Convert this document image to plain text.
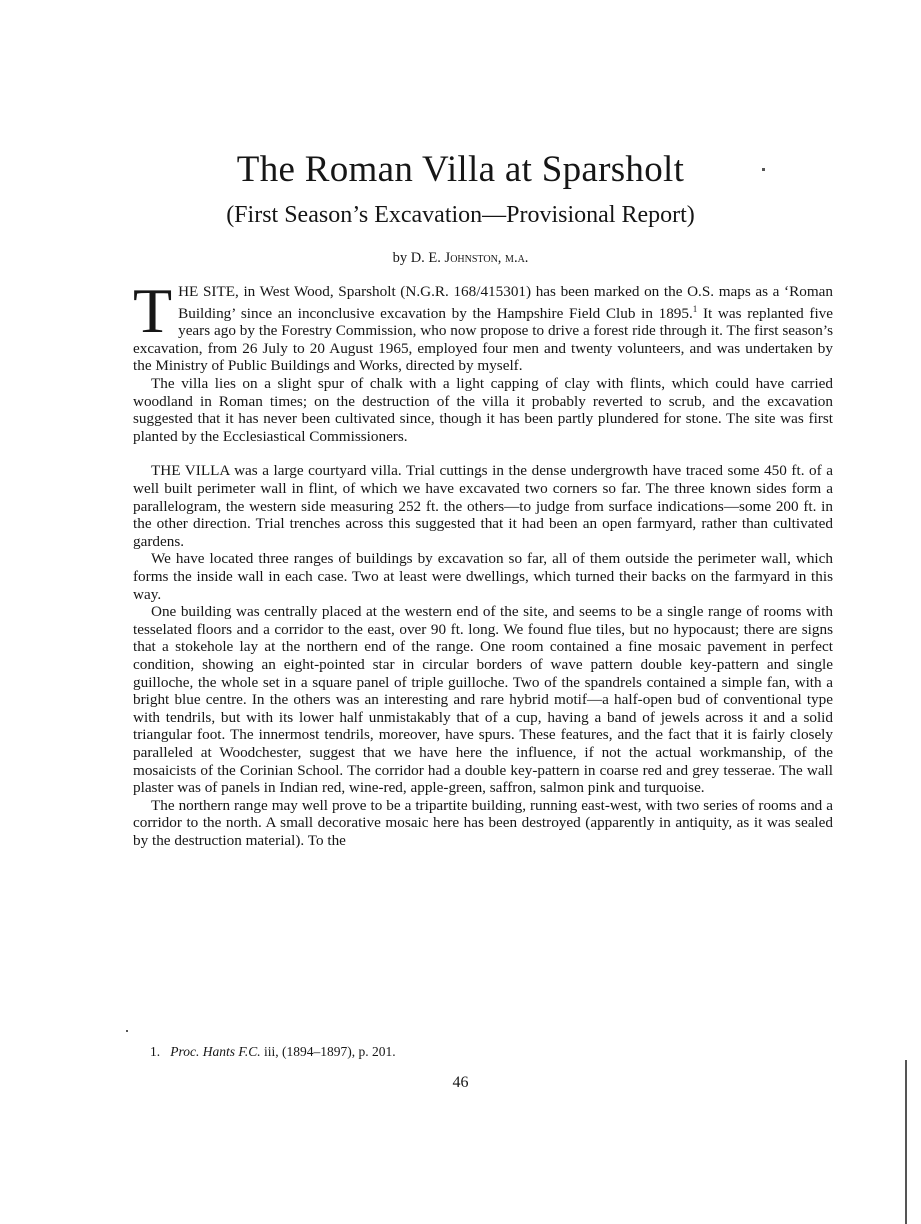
The Roman Villa at Sparsholt
(First Season’s Excavation—Provisional Report)
by D. E. Johnston, m.a.

THE SITE, in West Wood, Sparsholt (N.G.R. 168/415301) has been marked on the O.S. maps as a ‘Roman Building’ since an inconclusive excavation by the Hampshire Field Club in 1895.$^1$ It was replanted five years ago by the Forestry Commission, who now propose to drive a forest ride through it. The first season’s excavation, from 26 July to 20 August 1965, employed four men and twenty volunteers, and was undertaken by the Ministry of Public Buildings and Works, directed by myself.

The villa lies on a slight spur of chalk with a light capping of clay with flints, which could have carried woodland in Roman times; on the destruction of the villa it probably reverted to scrub, and the excavation suggested that it has never been cultivated since, though it has been partly plundered for stone. The site was first planted by the Ecclesiastical Commissioners.

THE VILLA was a large courtyard villa. Trial cuttings in the dense undergrowth have traced some 450 ft. of a well built perimeter wall in flint, of which we have excavated two corners so far. The three known sides form a parallelogram, the western side measuring 252 ft. the others—to judge from surface indications—some 200 ft. in the other direction. Trial trenches across this suggested that it had been an open farmyard, rather than cultivated gardens.

We have located three ranges of buildings by excavation so far, all of them outside the perimeter wall, which forms the inside wall in each case. Two at least were dwellings, which turned their backs on the farmyard in this way.

One building was centrally placed at the western end of the site, and seems to be a single range of rooms with tesselated floors and a corridor to the east, over 90 ft. long. We found flue tiles, but no hypocaust; there are signs that a stokehole lay at the northern end of the range. One room contained a fine mosaic pavement in perfect condition, showing an eight-pointed star in circular borders of wave pattern double key-pattern and single guilloche, the whole set in a square panel of triple guilloche. Two of the spandrels contained a simple fan, with a bright blue centre. In the others was an interesting and rare hybrid motif—a half-open bud of conventional type with tendrils, but with its lower half unmistakably that of a cup, having a band of jewels across it and a solid triangular foot. The innermost tendrils, moreover, have spurs. These features, and the fact that it is fairly closely paralleled at Woodchester, suggest that we have here the influence, if not the actual workmanship, of the mosaicists of the Corinian School. The corridor had a double key-pattern in coarse red and grey tesserae. The wall plaster was of panels in Indian red, wine-red, apple-green, saffron, salmon pink and turquoise.

The northern range may well prove to be a tripartite building, running east-west, with two series of rooms and a corridor to the north. A small decorative mosaic here has been destroyed (apparently in antiquity, as it was sealed by the destruction material). To the

1. Proc. Hants F.C. iii, (1894–1897), p. 201.
46
